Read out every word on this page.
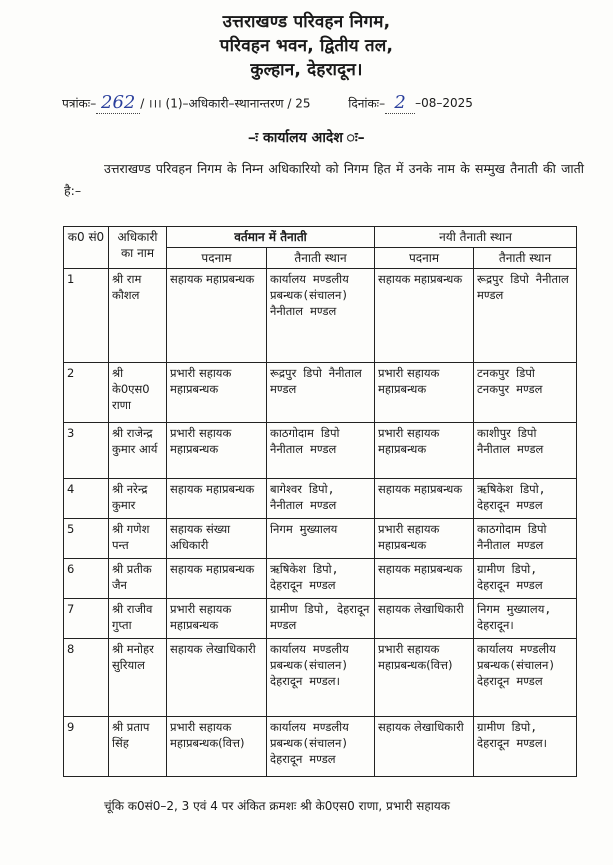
उत्तराखण्ड परिवहन निगम,
परिवहन भवन, द्वितीय तल,
कुल्हान, देहरादून।
पत्रांकः– 262 / ।।। (1)–अधिकारी–स्थानान्तरण / 25	दिनांकः– 2 –08–2025
–ः कार्यालय आदेश ः–
उत्तराखण्ड परिवहन निगम के निम्न अधिकारियो को निगम हित में उनके नाम के सम्मुख तैनाती की जाती है:–
क0 सं0	अधिकारी का नाम	वर्तमान में तैनाती		नयी तैनाती स्थान	
		पदनाम	तैनाती स्थान	पदनाम	तैनाती स्थान
1	श्री राम कौशल	सहायक महाप्रबन्धक	कार्यालय मण्डलीय प्रबन्धक(संचालन) नैनीताल मण्डल	सहायक महाप्रबन्धक	रूद्रपुर डिपो नैनीताल मण्डल
2	श्री के0एस0 राणा	प्रभारी सहायक महाप्रबन्धक	रूद्रपुर डिपो नैनीताल मण्डल	प्रभारी सहायक महाप्रबन्धक	टनकपुर डिपो टनकपुर मण्डल
3	श्री राजेन्द्र कुमार आर्य	प्रभारी सहायक महाप्रबन्धक	काठगोदाम डिपो नैनीताल मण्डल	प्रभारी सहायक महाप्रबन्धक	काशीपुर डिपो नैनीताल मण्डल
4	श्री नरेन्द्र कुमार	सहायक महाप्रबन्धक	बागेश्वर डिपो, नैनीताल मण्डल	सहायक महाप्रबन्धक	ऋषिकेश डिपो, देहरादून मण्डल
5	श्री गणेश पन्त	सहायक संख्या अधिकारी	निगम मुख्यालय	प्रभारी सहायक महाप्रबन्धक	काठगोदाम डिपो नैनीताल मण्डल
6	श्री प्रतीक जैन	सहायक महाप्रबन्धक	ऋषिकेश डिपो, देहरादून मण्डल	सहायक महाप्रबन्धक	ग्रामीण डिपो, देहरादून मण्डल
7	श्री राजीव गुप्ता	प्रभारी सहायक महाप्रबन्धक	ग्रामीण डिपो, देहरादून मण्डल	सहायक लेखाधिकारी	निगम मुख्यालय, देहरादून।
8	श्री मनोहर सुरियाल	सहायक लेखाधिकारी	कार्यालय मण्डलीय प्रबन्धक(संचालन) देहरादून मण्डल।	प्रभारी सहायक महाप्रबन्धक(वित्त)	कार्यालय मण्डलीय प्रबन्धक(संचालन) देहरादून मण्डल
9	श्री प्रताप सिंह	प्रभारी सहायक महाप्रबन्धक(वित्त)	कार्यालय मण्डलीय प्रबन्धक(संचालन) देहरादून मण्डल	सहायक लेखाधिकारी	ग्रामीण डिपो, देहरादून मण्डल।
चूंकि क0सं0–2, 3 एवं 4 पर अंकित क्रमशः श्री के0एस0 राणा, प्रभारी सहायक
